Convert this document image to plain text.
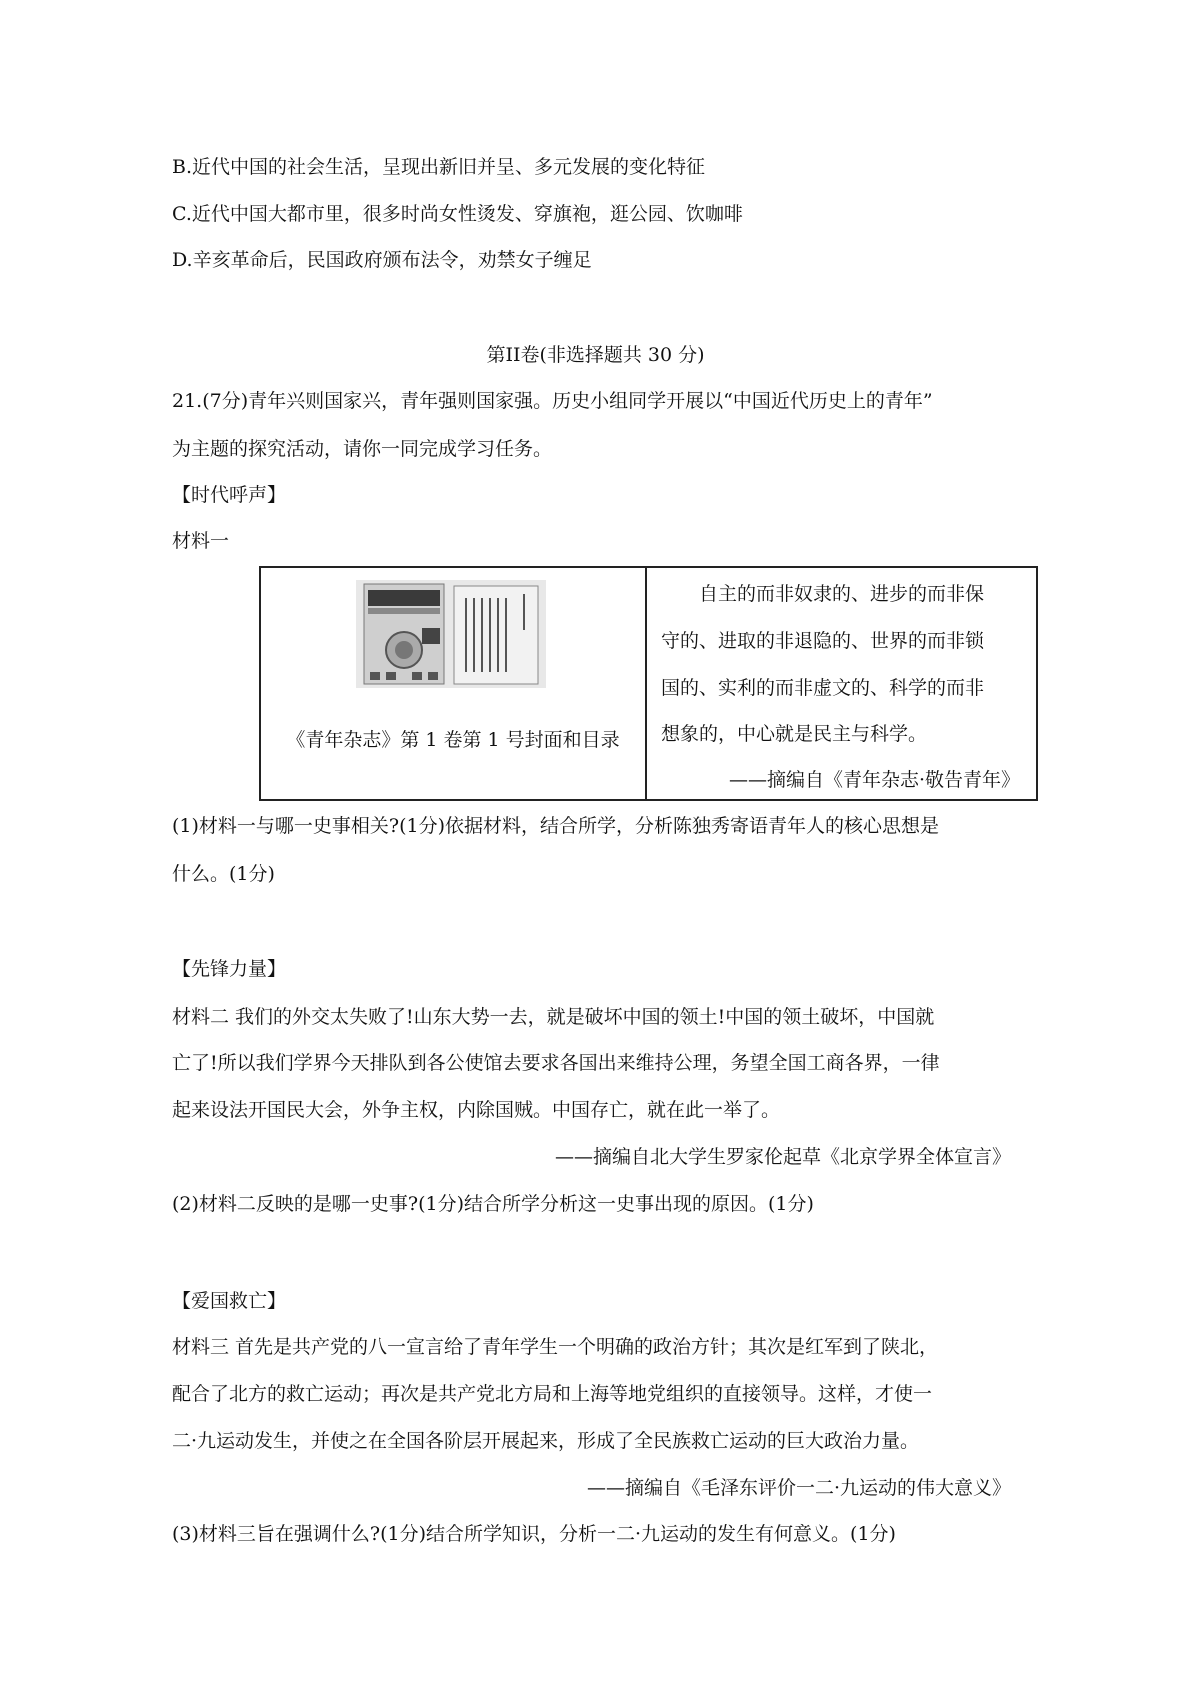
B.近代中国的社会生活，呈现出新旧并呈、多元发展的变化特征
C.近代中国大都市里，很多时尚女性烫发、穿旗袍，逛公园、饮咖啡
D.辛亥革命后，民国政府颁布法令，劝禁女子缠足
第II卷(非选择题共 30 分)
21.(7分)青年兴则国家兴，青年强则国家强。历史小组同学开展以“中国近代历史上的青年”
为主题的探究活动，请你一同完成学习任务。
【时代呼声】
材料一
《青年杂志》第 1 卷第 1 号封面和目录
自主的而非奴隶的、进步的而非保
守的、进取的非退隐的、世界的而非锁
国的、实利的而非虚文的、科学的而非
想象的，中心就是民主与科学。
——摘编自《青年杂志·敬告青年》
(1)材料一与哪一史事相关?(1分)依据材料，结合所学，分析陈独秀寄语青年人的核心思想是
什么。(1分)
【先锋力量】
材料二 我们的外交太失败了!山东大势一去，就是破坏中国的领土!中国的领土破坏，中国就
亡了!所以我们学界今天排队到各公使馆去要求各国出来维持公理，务望全国工商各界，一律
起来设法开国民大会，外争主权，内除国贼。中国存亡，就在此一举了。
——摘编自北大学生罗家伦起草《北京学界全体宣言》
(2)材料二反映的是哪一史事?(1分)结合所学分析这一史事出现的原因。(1分)
【爱国救亡】
材料三 首先是共产党的八一宣言给了青年学生一个明确的政治方针；其次是红军到了陕北，
配合了北方的救亡运动；再次是共产党北方局和上海等地党组织的直接领导。这样，才使一
二·九运动发生，并使之在全国各阶层开展起来，形成了全民族救亡运动的巨大政治力量。
——摘编自《毛泽东评价一二·九运动的伟大意义》
(3)材料三旨在强调什么?(1分)结合所学知识，分析一二·九运动的发生有何意义。(1分)
